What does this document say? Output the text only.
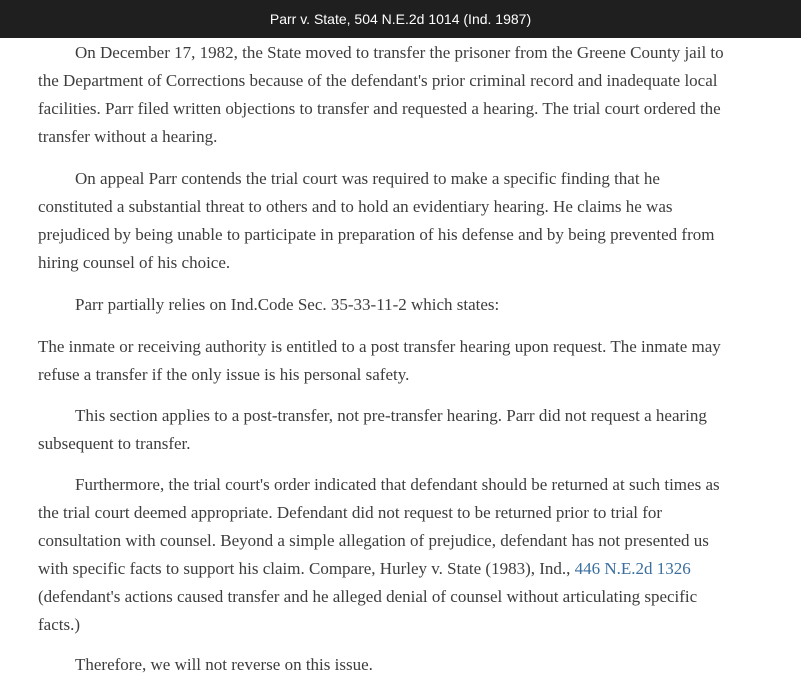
Parr v. State, 504 N.E.2d 1014 (Ind. 1987)

On December 17, 1982, the State moved to transfer the prisoner from the Greene County jail to the Department of Corrections because of the defendant's prior criminal record and inadequate local facilities. Parr filed written objections to transfer and requested a hearing. The trial court ordered the transfer without a hearing.

On appeal Parr contends the trial court was required to make a specific finding that he constituted a substantial threat to others and to hold an evidentiary hearing. He claims he was prejudiced by being unable to participate in preparation of his defense and by being prevented from hiring counsel of his choice.

Parr partially relies on Ind.Code Sec. 35-33-11-2 which states:

The inmate or receiving authority is entitled to a post transfer hearing upon request. The inmate may refuse a transfer if the only issue is his personal safety.

This section applies to a post-transfer, not pre-transfer hearing. Parr did not request a hearing subsequent to transfer.

Furthermore, the trial court's order indicated that defendant should be returned at such times as the trial court deemed appropriate. Defendant did not request to be returned prior to trial for consultation with counsel. Beyond a simple allegation of prejudice, defendant has not presented us with specific facts to support his claim. Compare, Hurley v. State (1983), Ind., 446 N.E.2d 1326 (defendant's actions caused transfer and he alleged denial of counsel without articulating specific facts.)

Therefore, we will not reverse on this issue.
